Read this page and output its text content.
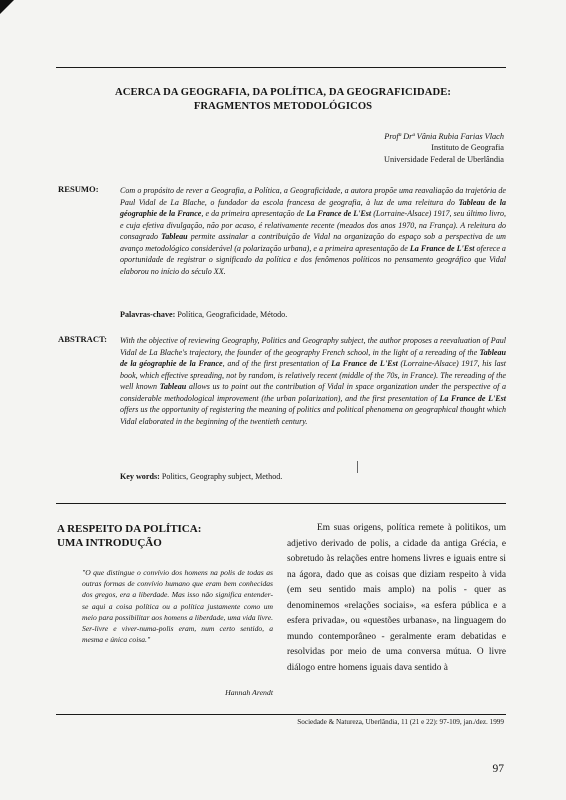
ACERCA DA GEOGRAFIA, DA POLÍTICA, DA GEOGRAFICIDADE:
FRAGMENTOS METODOLÓGICOS
Profª Drª Vânia Rubia Farias Vlach
Instituto de Geografia
Universidade Federal de Uberlândia
RESUMO:	Com o propósito de rever a Geografia, a Política, a Geograficidade, a autora propõe uma reavaliação da trajetória de Paul Vidal de La Blache, o fundador da escola francesa de geografia, à luz de uma releitura do Tableau de la géographie de la France, e da primeira apresentação de La France de L'Est (Lorraine-Alsace) 1917, seu último livro, e cuja efetiva divulgação, não por acaso, é relativamente recente (meados dos anos 1970, na França). A releitura do consagrado Tableau permite assinalar a contribuição de Vidal na organização do espaço sob a perspectiva de um avanço metodológico considerável (a polarização urbana), e a primeira apresentação de La France de L'Est oferece a oportunidade de registrar o significado da política e dos fenômenos políticos no pensamento geográfico que Vidal elaborou no início do século XX.
Palavras-chave: Política, Geograficidade, Método.
ABSTRACT: With the objective of reviewing Geography, Politics and Geography subject, the author proposes a reevaluation of Paul Vidal de La Blache's trajectory, the founder of the geography French school, in the light of a rereading of the Tableau de la géographie de la France, and of the first presentation of La France de L'Est (Lorraine-Alsace) 1917, his last book, which effective spreading, not by random, is relatively recent (middle of the 70s, in France). The rereading of the well known Tableau allows us to point out the contribution of Vidal in space organization under the perspective of a considerable methodological improvement (the urban polarization), and the first presentation of La France de L'Est offers us the opportunity of registering the meaning of politics and political phenomena on geographical thought which Vidal elaborated in the beginning of the twentieth century.
Key words: Politics, Geography subject, Method.
A RESPEITO DA POLÍTICA:
UMA INTRODUÇÃO
"O que distingue o convívio dos homens na polis de todas as outras formas de convívio humano que eram bem conhecidas dos gregos, era a liberdade. Mas isso não significa entender-se aqui a coisa política ou a política justamente como um meio para possibilitar aos homens a liberdade, uma vida livre. Ser-livre e viver-numa-polis eram, num certo sentido, a mesma e única coisa."
Hannah Arendt
Em suas origens, política remete à politikos, um adjetivo derivado de polis, a cidade da antiga Grécia, e sobretudo às relações entre homens livres e iguais entre si na ágora, dado que as coisas que diziam respeito à vida (em seu sentido mais amplo) na polis - quer as denominemos «relações sociais», «a esfera pública e a esfera privada», ou «questões urbanas», na linguagem do mundo contemporâneo - geralmente eram debatidas e resolvidas por meio de uma conversa mútua. O livre diálogo entre homens iguais dava sentido à
Sociedade & Natureza, Uberlândia, 11 (21 e 22): 97-109, jan./dez. 1999
97
